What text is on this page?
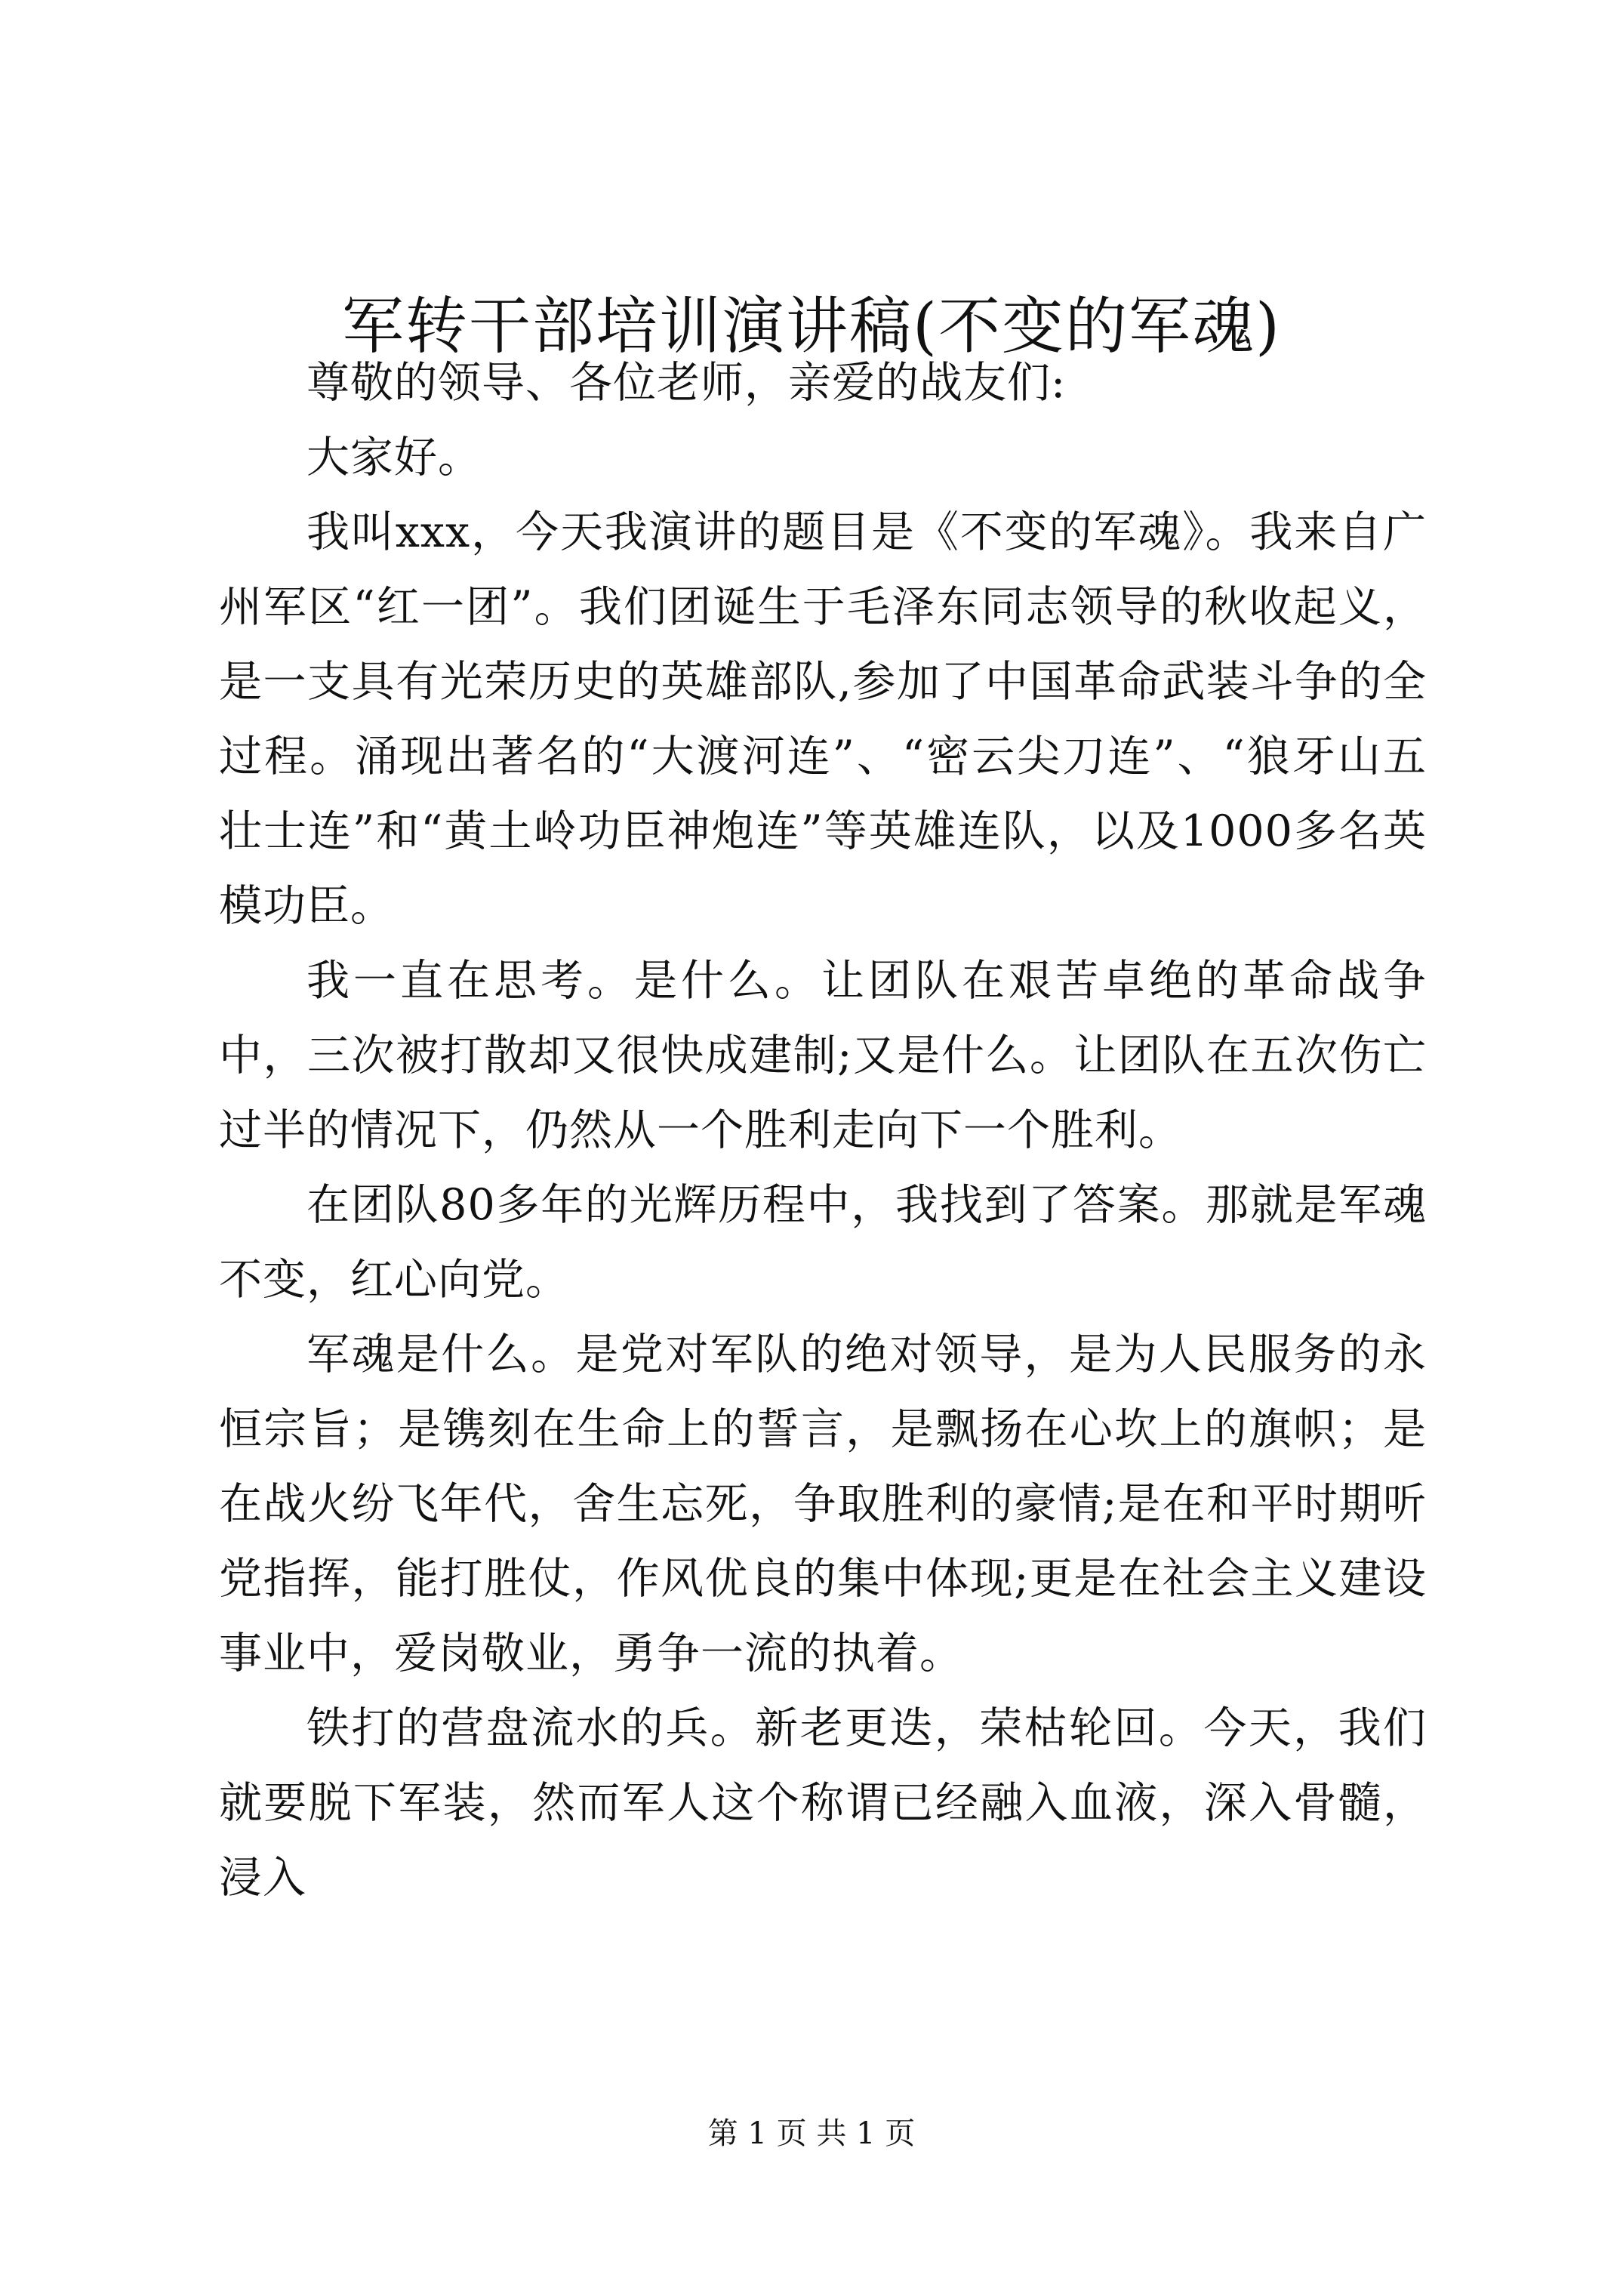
军转干部培训演讲稿(不变的军魂)

尊敬的领导、各位老师，亲爱的战友们:

大家好。

我叫xxx，今天我演讲的题目是《不变的军魂》。我来自广州军区“红一团”。我们团诞生于毛泽东同志领导的秋收起义，是一支具有光荣历史的英雄部队,参加了中国革命武装斗争的全过程。涌现出著名的“大渡河连”、“密云尖刀连”、“狼牙山五壮士连”和“黄土岭功臣神炮连”等英雄连队，以及1000多名英模功臣。

我一直在思考。是什么。让团队在艰苦卓绝的革命战争中，三次被打散却又很快成建制;又是什么。让团队在五次伤亡过半的情况下，仍然从一个胜利走向下一个胜利。

在团队80多年的光辉历程中，我找到了答案。那就是军魂不变，红心向党。

军魂是什么。是党对军队的绝对领导，是为人民服务的永恒宗旨；是镌刻在生命上的誓言，是飘扬在心坎上的旗帜；是在战火纷飞年代，舍生忘死，争取胜利的豪情;是在和平时期听党指挥，能打胜仗，作风优良的集中体现;更是在社会主义建设事业中，爱岗敬业，勇争一流的执着。

铁打的营盘流水的兵。新老更迭，荣枯轮回。今天，我们就要脱下军装，然而军人这个称谓已经融入血液，深入骨髓，浸入

第 1 页 共 1 页
